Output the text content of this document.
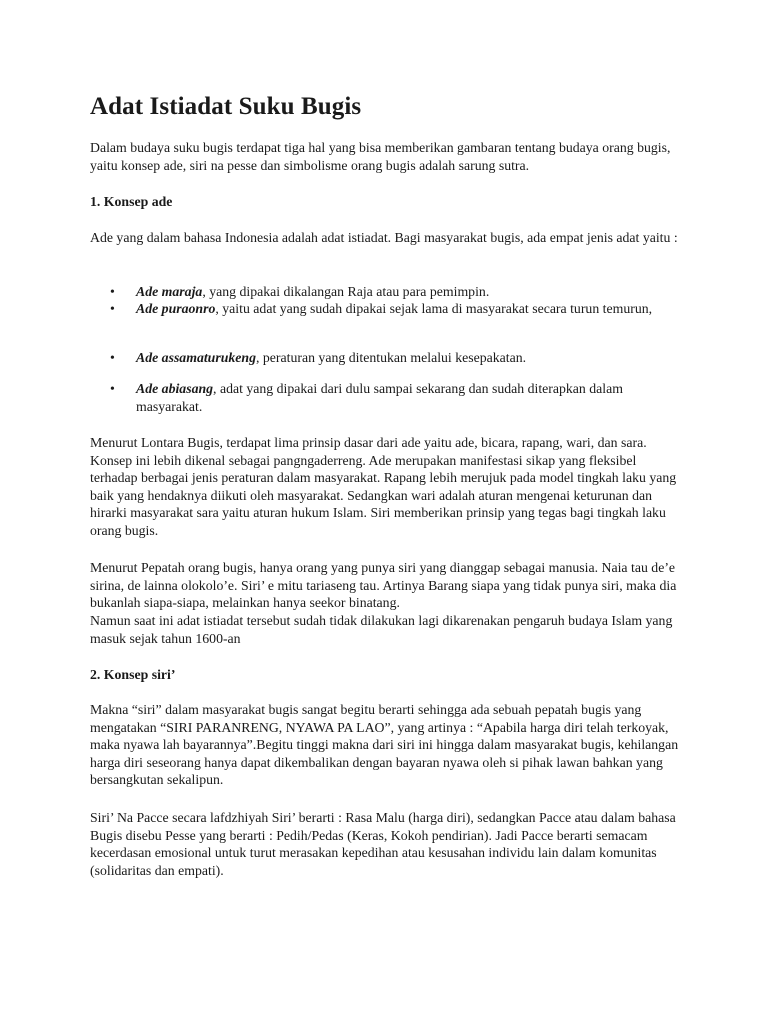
Adat Istiadat Suku Bugis

Dalam budaya suku bugis terdapat tiga hal yang bisa memberikan gambaran tentang budaya orang bugis, yaitu konsep ade, siri na pesse dan simbolisme orang bugis adalah sarung sutra.

1. Konsep ade

Ade yang dalam bahasa Indonesia adalah adat istiadat. Bagi masyarakat bugis, ada empat jenis adat yaitu :

• Ade maraja, yang dipakai dikalangan Raja atau para pemimpin.

• Ade puraonro, yaitu adat yang sudah dipakai sejak lama di masyarakat secara turun temurun,

• Ade assamaturukeng, peraturan yang ditentukan melalui kesepakatan.

• Ade abiasang, adat yang dipakai dari dulu sampai sekarang dan sudah diterapkan dalam masyarakat.

Menurut Lontara Bugis, terdapat lima prinsip dasar dari ade yaitu ade, bicara, rapang, wari, dan sara. Konsep ini lebih dikenal sebagai pangngaderreng. Ade merupakan manifestasi sikap yang fleksibel terhadap berbagai jenis peraturan dalam masyarakat. Rapang lebih merujuk pada model tingkah laku yang baik yang hendaknya diikuti oleh masyarakat. Sedangkan wari adalah aturan mengenai keturunan dan hirarki masyarakat sara yaitu aturan hukum Islam. Siri memberikan prinsip yang tegas bagi tingkah laku orang bugis.

Menurut Pepatah orang bugis, hanya orang yang punya siri yang dianggap sebagai manusia. Naia tau de’e sirina, de lainna olokolo’e. Siri’ e mitu tariaseng tau. Artinya Barang siapa yang tidak punya siri, maka dia bukanlah siapa-siapa, melainkan hanya seekor binatang.

Namun saat ini adat istiadat tersebut sudah tidak dilakukan lagi dikarenakan pengaruh budaya Islam yang masuk sejak tahun 1600-an

2. Konsep siri’

Makna “siri” dalam masyarakat bugis sangat begitu berarti sehingga ada sebuah pepatah bugis yang mengatakan “SIRI PARANRENG, NYAWA PA LAO”, yang artinya : “Apabila harga diri telah terkoyak, maka nyawa lah bayarannya”.Begitu tinggi makna dari siri ini hingga dalam masyarakat bugis, kehilangan harga diri seseorang hanya dapat dikembalikan dengan bayaran nyawa oleh si pihak lawan bahkan yang bersangkutan sekalipun.

Siri’ Na Pacce secara lafdzhiyah Siri’ berarti : Rasa Malu (harga diri), sedangkan Pacce atau dalam bahasa Bugis disebu Pesse yang berarti : Pedih/Pedas (Keras, Kokoh pendirian). Jadi Pacce berarti semacam kecerdasan emosional untuk turut merasakan kepedihan atau kesusahan individu lain dalam komunitas (solidaritas dan empati).
